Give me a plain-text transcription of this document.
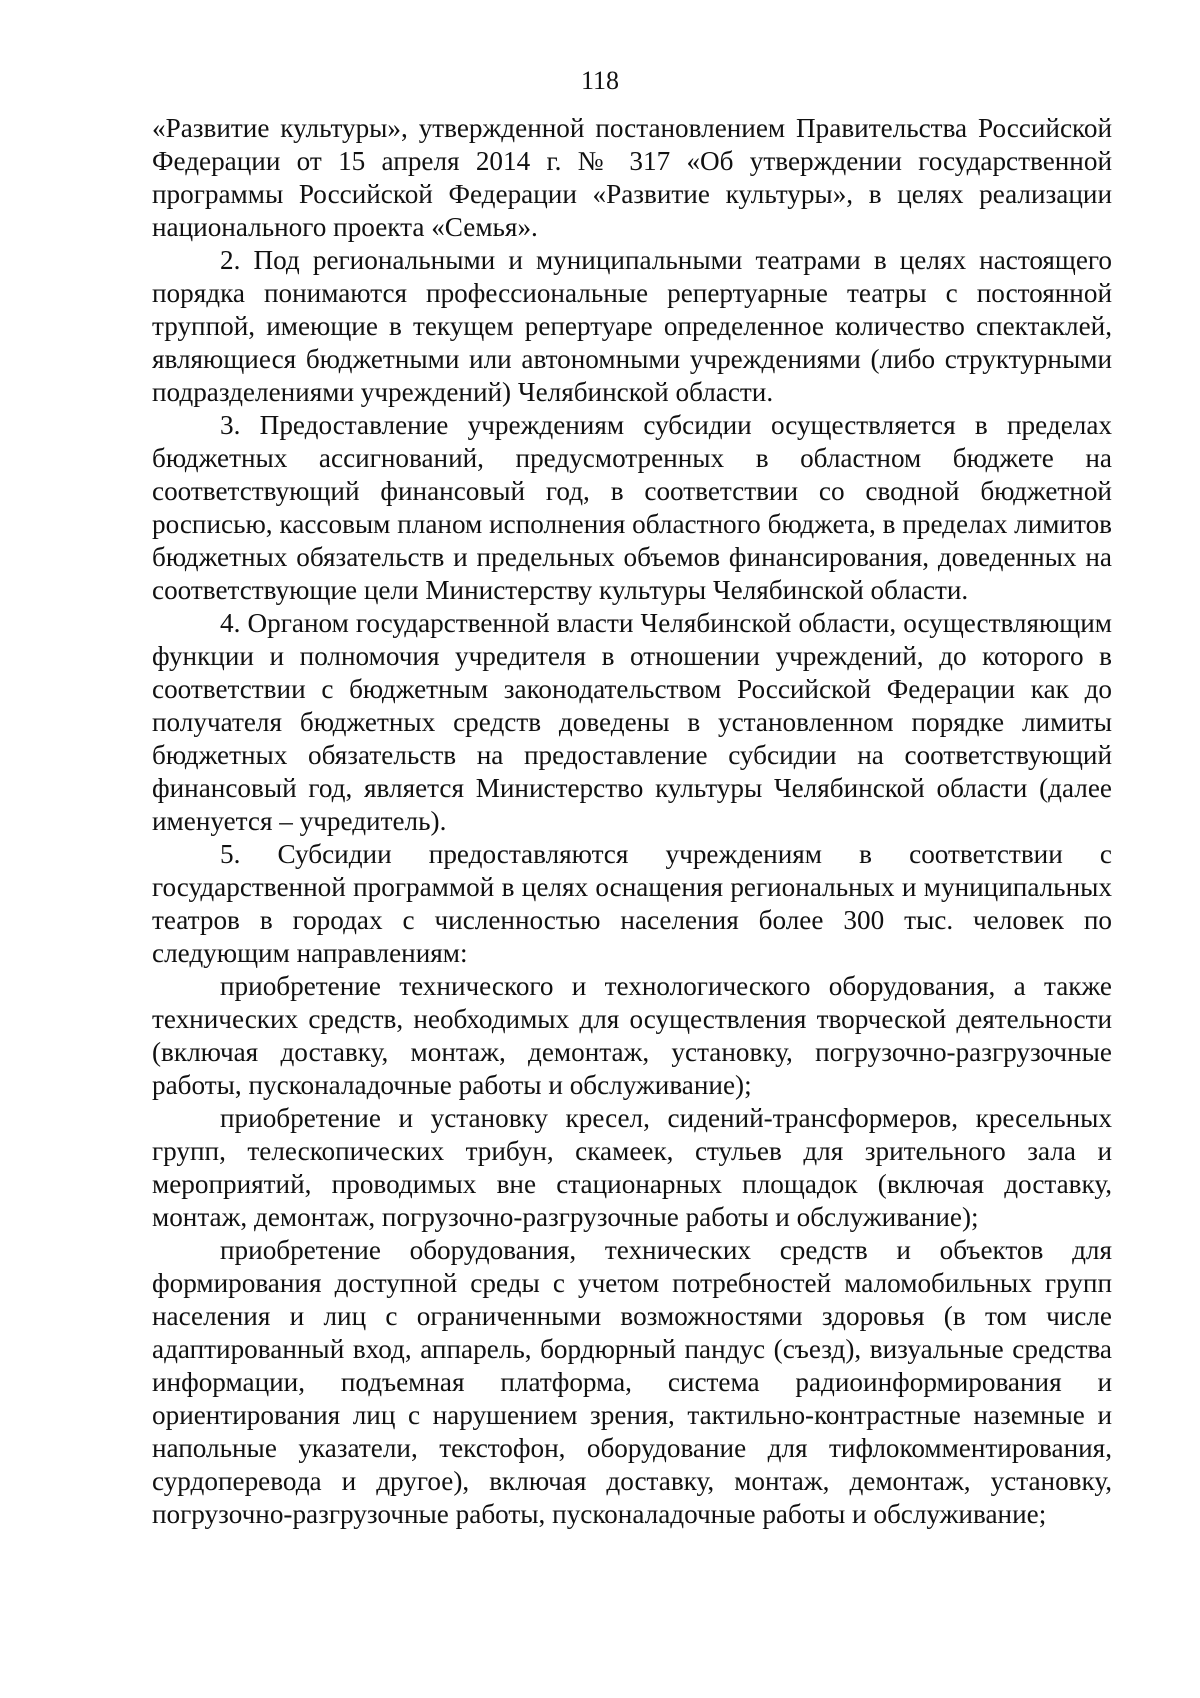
118

«Развитие культуры», утвержденной постановлением Правительства Российской Федерации от 15 апреля 2014 г. № 317 «Об утверждении государственной программы Российской Федерации «Развитие культуры», в целях реализации национального проекта «Семья».

2. Под региональными и муниципальными театрами в целях настоящего порядка понимаются профессиональные репертуарные театры с постоянной труппой, имеющие в текущем репертуаре определенное количество спектаклей, являющиеся бюджетными или автономными учреждениями (либо структурными подразделениями учреждений) Челябинской области.

3. Предоставление учреждениям субсидии осуществляется в пределах бюджетных ассигнований, предусмотренных в областном бюджете на соответствующий финансовый год, в соответствии со сводной бюджетной росписью, кассовым планом исполнения областного бюджета, в пределах лимитов бюджетных обязательств и предельных объемов финансирования, доведенных на соответствующие цели Министерству культуры Челябинской области.

4. Органом государственной власти Челябинской области, осуществляющим функции и полномочия учредителя в отношении учреждений, до которого в соответствии с бюджетным законодательством Российской Федерации как до получателя бюджетных средств доведены в установленном порядке лимиты бюджетных обязательств на предоставление субсидии на соответствующий финансовый год, является Министерство культуры Челябинской области (далее именуется – учредитель).

5. Субсидии предоставляются учреждениям в соответствии с государственной программой в целях оснащения региональных и муниципальных театров в городах с численностью населения более 300 тыс. человек по следующим направлениям:

приобретение технического и технологического оборудования, а также технических средств, необходимых для осуществления творческой деятельности (включая доставку, монтаж, демонтаж, установку, погрузочно-разгрузочные работы, пусконаладочные работы и обслуживание);

приобретение и установку кресел, сидений-трансформеров, кресельных групп, телескопических трибун, скамеек, стульев для зрительного зала и мероприятий, проводимых вне стационарных площадок (включая доставку, монтаж, демонтаж, погрузочно-разгрузочные работы и обслуживание);

приобретение оборудования, технических средств и объектов для формирования доступной среды с учетом потребностей маломобильных групп населения и лиц с ограниченными возможностями здоровья (в том числе адаптированный вход, аппарель, бордюрный пандус (съезд), визуальные средства информации, подъемная платформа, система радиоинформирования и ориентирования лиц с нарушением зрения, тактильно-контрастные наземные и напольные указатели, текстофон, оборудование для тифлокомментирования, сурдоперевода и другое), включая доставку, монтаж, демонтаж, установку, погрузочно-разгрузочные работы, пусконаладочные работы и обслуживание;
